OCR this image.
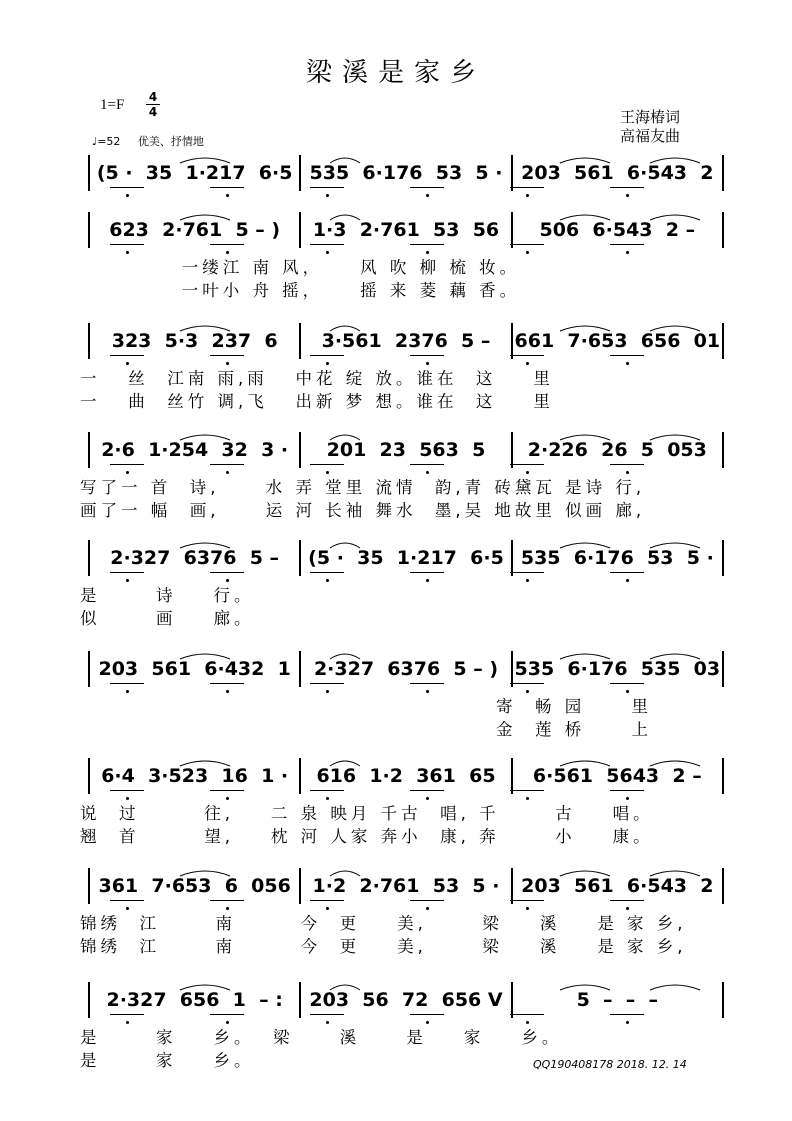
梁溪是家乡
1=F 4
4
♩=52 优美、抒情地
王海椿词
高福友曲
(5 ·  35  1·217  6·5 535  6·176  53  5 · 203  561  6·543  2
623  2·761  5 – ) 1·3  2·761  53  56 506  6·543  2 –
一缕江 南 风，    风 吹 柳 梳 妆。
一叶小 舟 摇，    摇 来 菱 藕 香。
323  5·3  237  6 3·561  2376  5 – 661  7·653  656  01
一   丝  江南 雨,雨   中花 绽 放。谁在  这    里
一   曲  丝竹 调,飞   出新 梦 想。谁在  这    里
2·6  1·254  32  3 · 201  23  563  5 2·226  26  5  053
写了一 首  诗,     水 弄 堂里 流情  韵,青 砖黛瓦 是诗 行,
画了一 幅  画,     运 河 长袖 舞水  墨,吴 地故里 似画 廊,
2·327  6376  5 – (5 ·  35  1·217  6·5 535  6·176  53  5 ·
是      诗    行。
似      画    廊。
203  561  6·432  1 2·327  6376  5 – ) 535  6·176  535  03
寄  畅 园     里
金  莲 桥     上
6·4  3·523  16  1 · 616  1·2  361  65 6·561  5643  2 –
说  过       往,    二 泉 映月 千古  唱, 千      古    唱。
翘  首       望,    枕 河 人家 奔小  康, 奔      小    康。
361  7·653  6  056 1·2  2·761  53  5 · 203  561  6·543  2
锦绣  江      南       今  更    美,      梁    溪    是 家 乡,
锦绣  江      南       今  更    美,      梁    溪    是 家 乡,
2·327  656  1  – : 203  56  72  656 V	5  –  –  –
是      家    乡。  梁     溪     是    家    乡。
是      家    乡。	QQ190408178 2018. 12. 14
